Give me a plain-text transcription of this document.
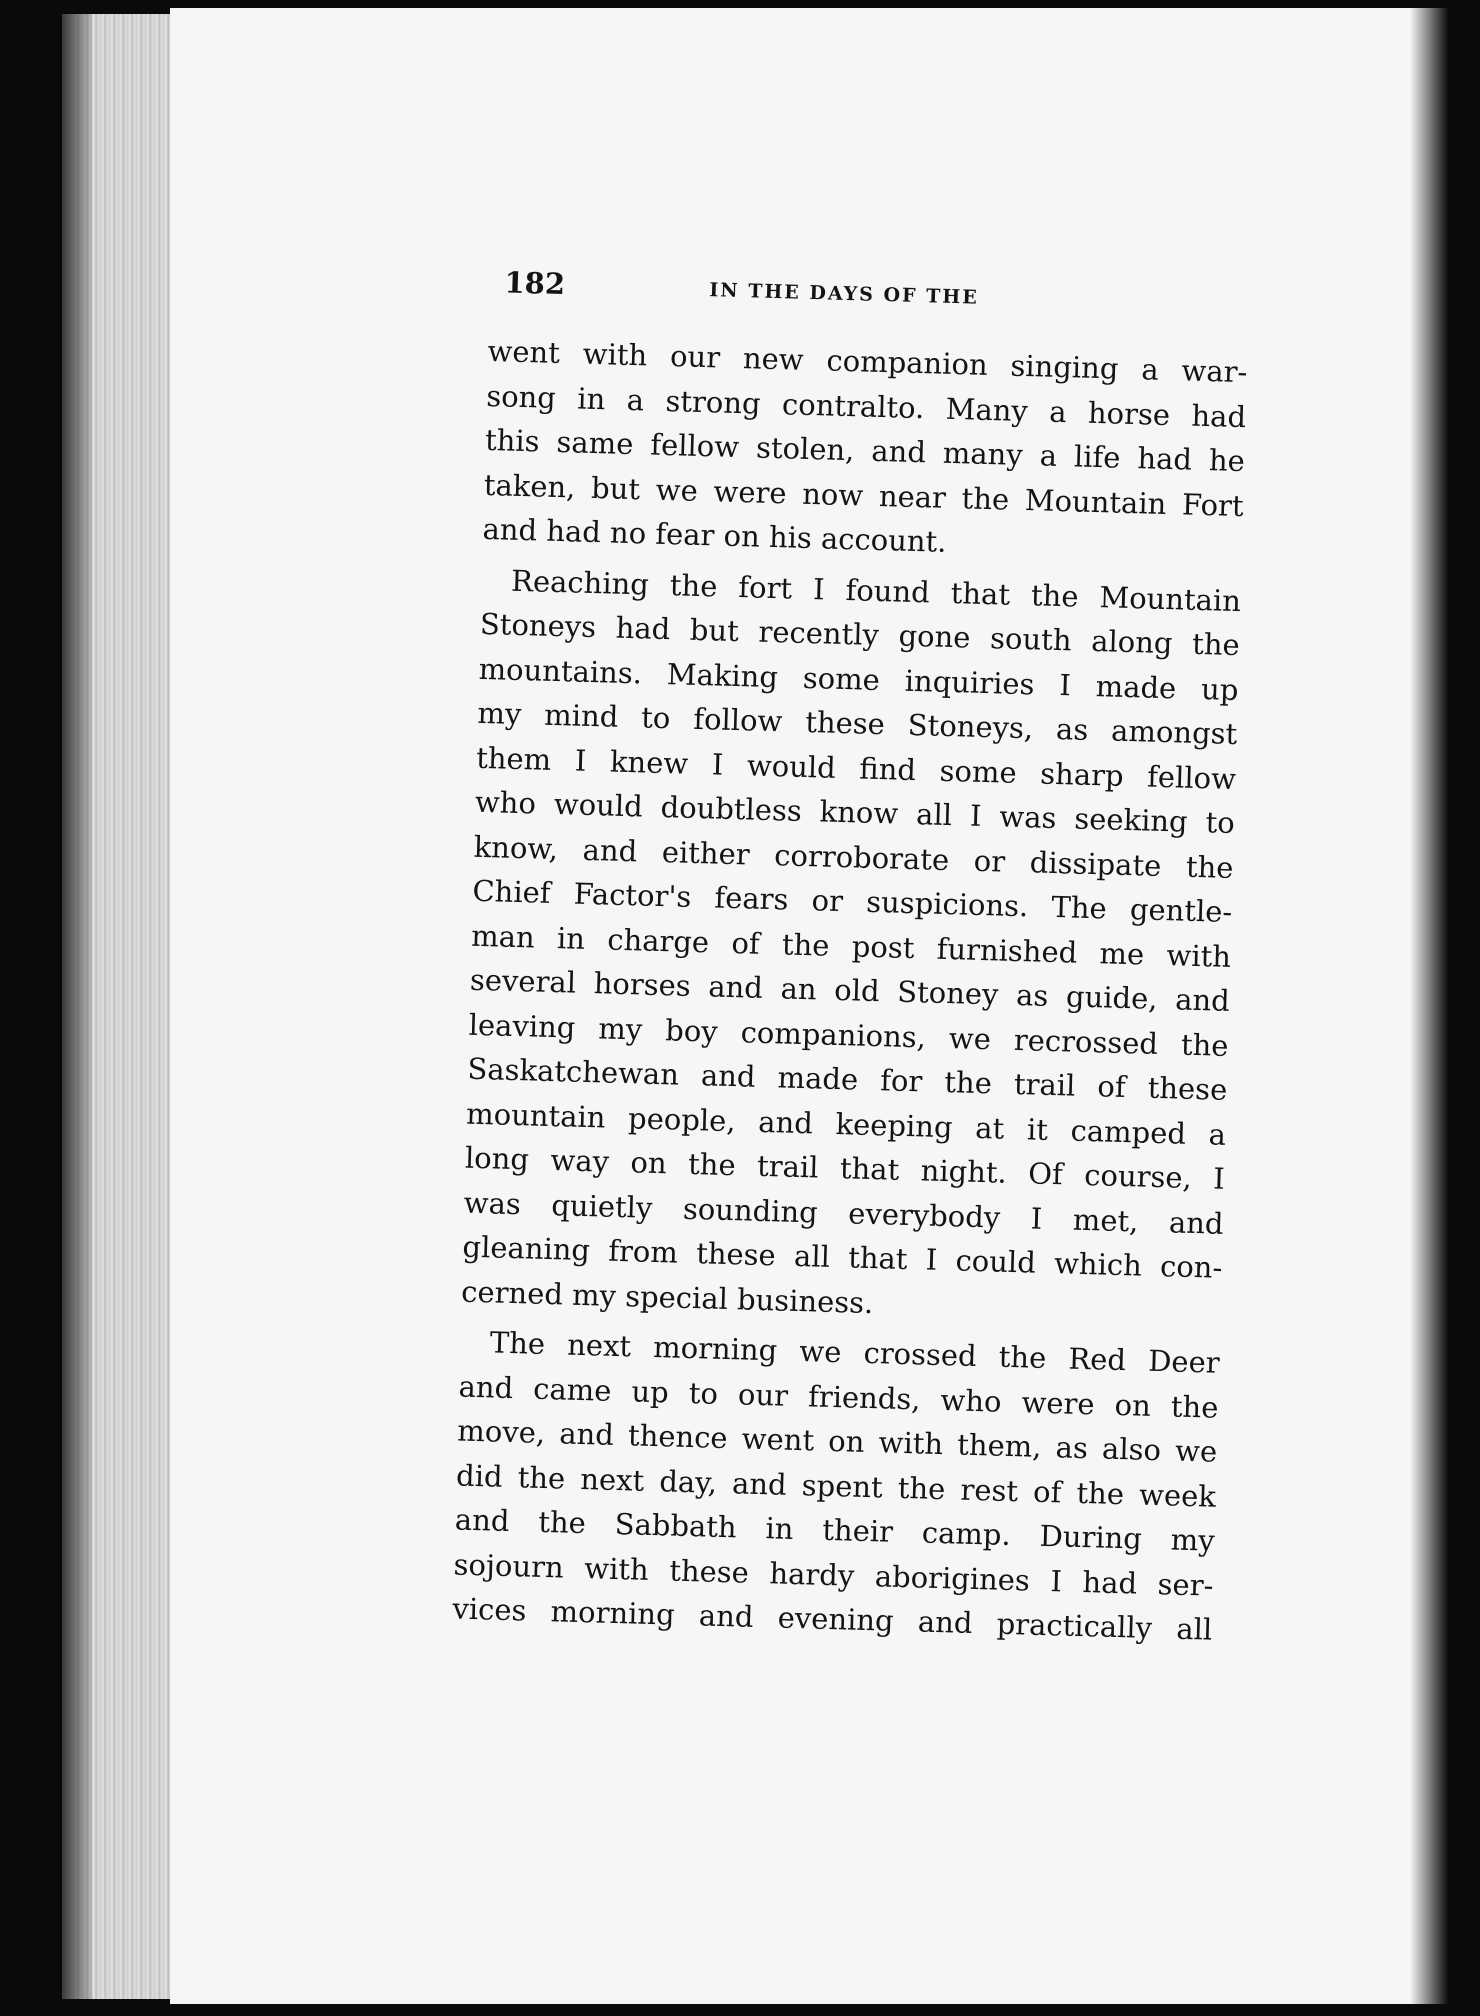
182	IN THE DAYS OF THE
went with our new companion singing a war-
song in a strong contralto. Many a horse had
this same fellow stolen, and many a life had he
taken, but we were now near the Mountain Fort
and had no fear on his account.
Reaching the fort I found that the Mountain
Stoneys had but recently gone south along the
mountains. Making some inquiries I made up
my mind to follow these Stoneys, as amongst
them I knew I would find some sharp fellow
who would doubtless know all I was seeking to
know, and either corroborate or dissipate the
Chief Factor's fears or suspicions. The gentle-
man in charge of the post furnished me with
several horses and an old Stoney as guide, and
leaving my boy companions, we recrossed the
Saskatchewan and made for the trail of these
mountain people, and keeping at it camped a
long way on the trail that night. Of course, I
was quietly sounding everybody I met, and
gleaning from these all that I could which con-
cerned my special business.
The next morning we crossed the Red Deer
and came up to our friends, who were on the
move, and thence went on with them, as also we
did the next day, and spent the rest of the week
and the Sabbath in their camp. During my
sojourn with these hardy aborigines I had ser-
vices morning and evening and practically all
